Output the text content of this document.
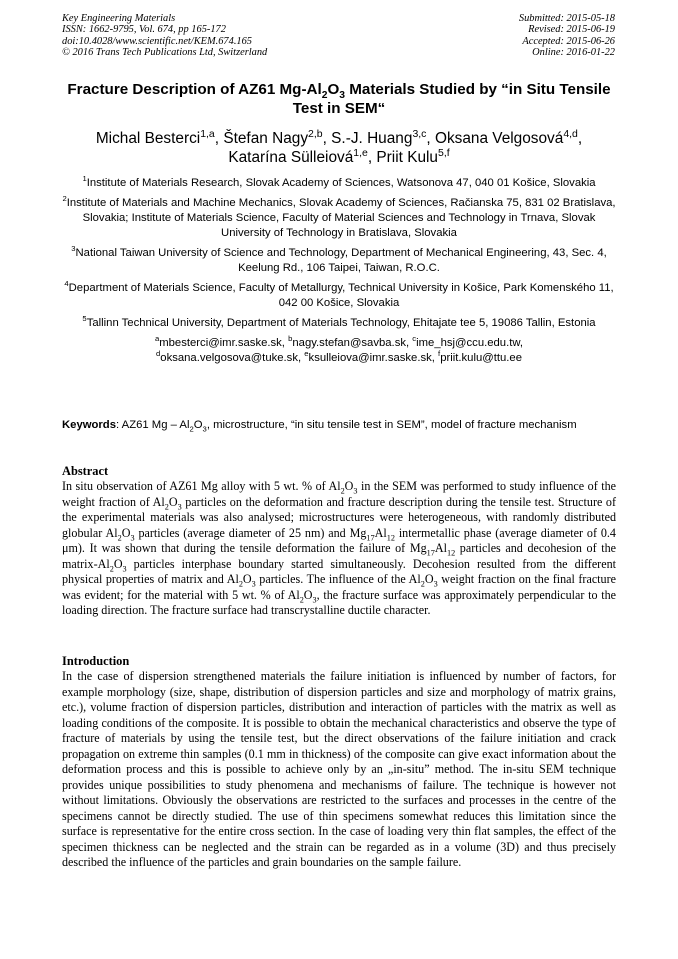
Key Engineering Materials
ISSN: 1662-9795, Vol. 674, pp 165-172
doi:10.4028/www.scientific.net/KEM.674.165
© 2016 Trans Tech Publications Ltd, Switzerland
Submitted: 2015-05-18
Revised: 2015-06-19
Accepted: 2015-06-26
Online: 2016-01-22
Fracture Description of AZ61 $Mg-Al_2O_3$ Materials Studied by “in Situ Tensile Test in SEM“
Michal Besterci$^{1,a}$, Štefan Nagy$^{2,b}$, S.-J. Huang$^{3,c}$, Oksana Velgosová$^{4,d}$,
Katarína Sülleiová$^{1,e}$, Priit Kulu$^{5,f}$
$^1$Institute of Materials Research, Slovak Academy of Sciences, Watsonova 47, 040 01 Košice, Slovakia
$^2$Institute of Materials and Machine Mechanics, Slovak Academy of Sciences, Račianska 75, 831 02 Bratislava, Slovakia; Institute of Materials Science, Faculty of Material Sciences and Technology in Trnava, Slovak University of Technology in Bratislava, Slovakia
$^3$National Taiwan University of Science and Technology, Department of Mechanical Engineering, 43, Sec. 4, Keelung Rd., 106 Taipei, Taiwan, R.O.C.
$^4$Department of Materials Science, Faculty of Metallurgy, Technical University in Košice, Park Komenského 11, 042 00 Košice, Slovakia
$^5$Tallinn Technical University, Department of Materials Technology, Ehitajate tee 5, 19086 Tallin, Estonia
$^a$mbesterci@imr.saske.sk, $^b$nagy.stefan@savba.sk, $^c$ime_hsj@ccu.edu.tw,
$^d$oksana.velgosova@tuke.sk, $^e$ksulleiova@imr.saske.sk, $^f$priit.kulu@ttu.ee
Keywords: AZ61 Mg – $Al_2O_3$, microstructure, “in situ tensile test in SEM”, model of fracture mechanism
Abstract

In situ observation of AZ61 Mg alloy with 5 wt. % of $Al_2O_3$ in the SEM was performed to study influence of the weight fraction of $Al_2O_3$ particles on the deformation and fracture description during the tensile test. Structure of the experimental materials was also analysed; microstructures were heterogeneous, with randomly distributed globular $Al_2O_3$ particles (average diameter of 25 nm) and $Mg_{17}Al_{12}$ intermetallic phase (average diameter of 0.4 μm). It was shown that during the tensile deformation the failure of $Mg_{17}Al_{12}$ particles and decohesion of the matrix-$Al_2O_3$ particles interphase boundary started simultaneously. Decohesion resulted from the different physical properties of matrix and $Al_2O_3$ particles. The influence of the $Al_2O_3$ weight fraction on the final fracture was evident; for the material with 5 wt. % of $Al_2O_3$, the fracture surface was approximately perpendicular to the loading direction. The fracture surface had transcrystalline ductile character.

Introduction

In the case of dispersion strengthened materials the failure initiation is influenced by number of factors, for example morphology (size, shape, distribution of dispersion particles and size and morphology of matrix grains, etc.), volume fraction of dispersion particles, distribution and interaction of particles with the matrix as well as loading conditions of the composite. It is possible to obtain the mechanical characteristics and observe the type of fracture of materials by using the tensile test, but the direct observations of the failure initiation and crack propagation on extreme thin samples (0.1 mm in thickness) of the composite can give exact information about the deformation process and this is possible to achieve only by an „in-situ” method. The in-situ SEM technique provides unique possibilities to study phenomena and mechanisms of failure. The technique is however not without limitations. Obviously the observations are restricted to the surfaces and processes in the centre of the specimens cannot be directly studied. The use of thin specimens somewhat reduces this limitation since the surface is representative for the entire cross section. In the case of loading very thin flat samples, the effect of the specimen thickness can be neglected and the strain can be regarded as in a volume (3D) and thus precisely described the influence of the particles and grain boundaries on the sample failure.
